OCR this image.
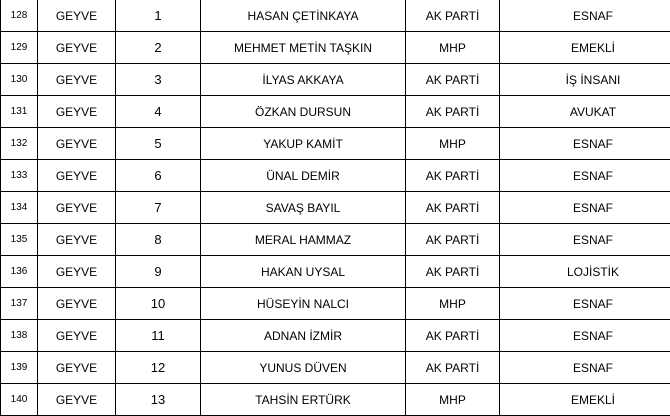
128	GEYVE	1	HASAN ÇETİNKAYA	AK PARTİ	ESNAF
129	GEYVE	2	MEHMET METİN TAŞKIN	MHP	EMEKLİ
130	GEYVE	3	İLYAS AKKAYA	AK PARTİ	İŞ İNSANI
131	GEYVE	4	ÖZKAN DURSUN	AK PARTİ	AVUKAT
132	GEYVE	5	YAKUP KAMİT	MHP	ESNAF
133	GEYVE	6	ÜNAL DEMİR	AK PARTİ	ESNAF
134	GEYVE	7	SAVAŞ BAYIL	AK PARTİ	ESNAF
135	GEYVE	8	MERAL HAMMAZ	AK PARTİ	ESNAF
136	GEYVE	9	HAKAN UYSAL	AK PARTİ	LOJİSTİK
137	GEYVE	10	HÜSEYİN NALCI	MHP	ESNAF
138	GEYVE	11	ADNAN İZMİR	AK PARTİ	ESNAF
139	GEYVE	12	YUNUS DÜVEN	AK PARTİ	ESNAF
140	GEYVE	13	TAHSİN ERTÜRK	MHP	EMEKLİ
